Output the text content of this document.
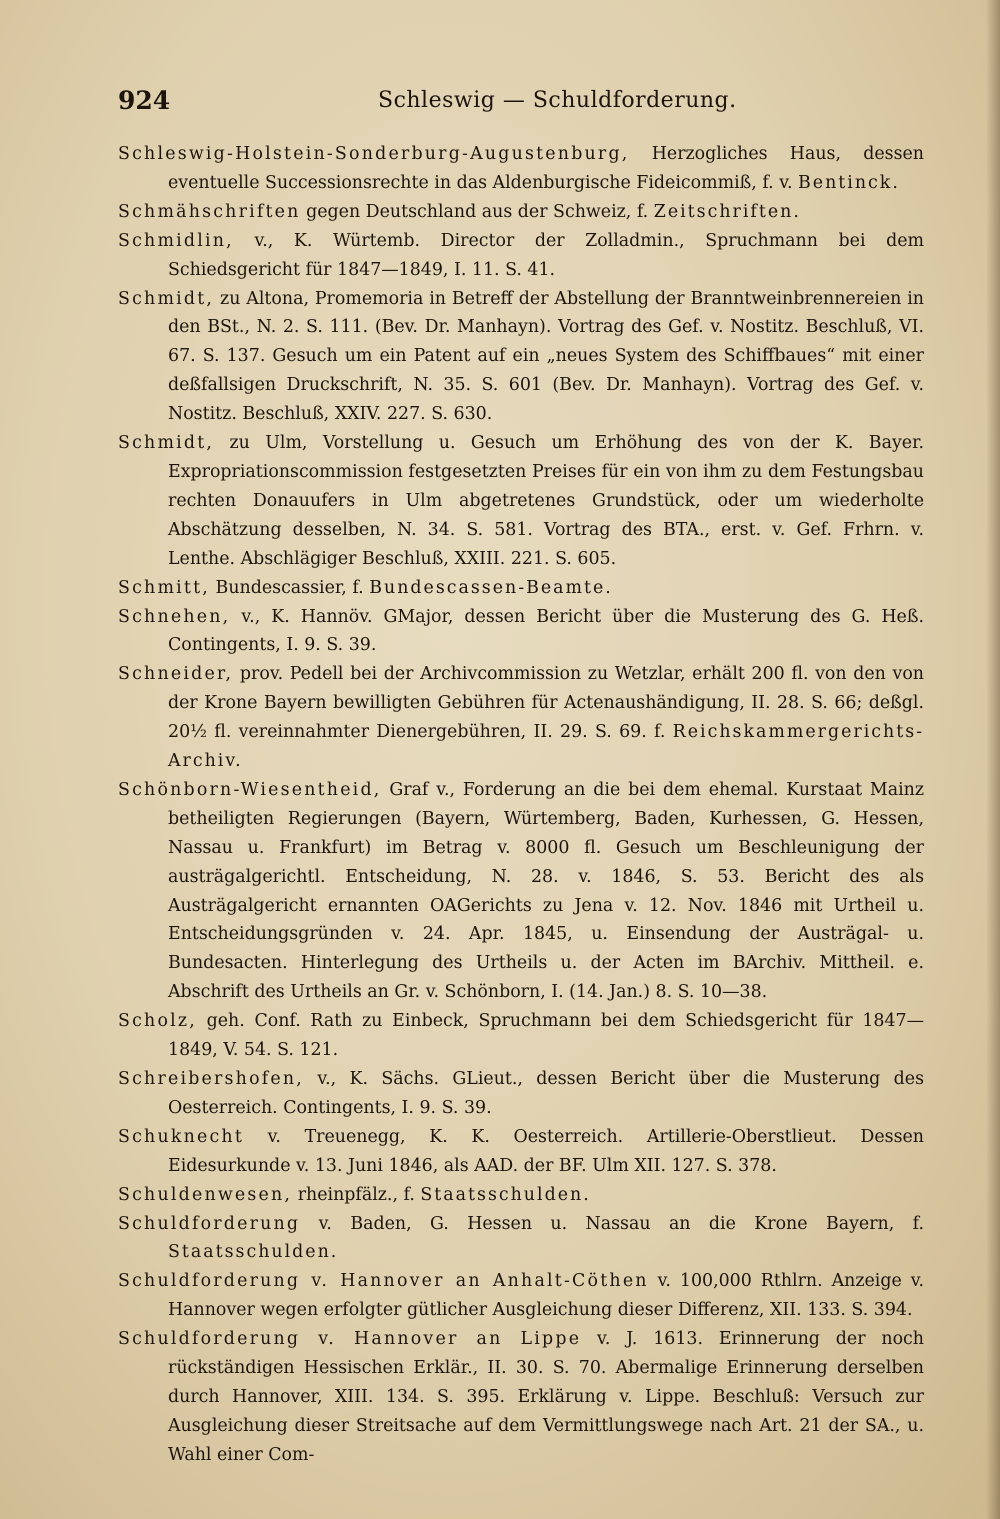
924	Schleswig — Schuldforderung.

Schleswig-Holstein-Sonderburg-Augustenburg, Herzogliches Haus, dessen eventuelle Successionsrechte in das Aldenburgische Fideicommiß, f. v. Bentinck.

Schmähschriften gegen Deutschland aus der Schweiz, f. Zeitschriften.

Schmidlin, v., K. Würtemb. Director der Zolladmin., Spruchmann bei dem Schiedsgericht für 1847—1849, I. 11. S. 41.

Schmidt, zu Altona, Promemoria in Betreff der Abstellung der Branntweinbrennereien in den BSt., N. 2. S. 111. (Bev. Dr. Manhayn). Vortrag des Gef. v. Nostitz. Beschluß, VI. 67. S. 137. Gesuch um ein Patent auf ein „neues System des Schiffbaues“ mit einer deßfallsigen Druckschrift, N. 35. S. 601 (Bev. Dr. Manhayn). Vortrag des Gef. v. Nostitz. Beschluß, XXIV. 227. S. 630.

Schmidt, zu Ulm, Vorstellung u. Gesuch um Erhöhung des von der K. Bayer. Expropriationscommission festgesetzten Preises für ein von ihm zu dem Festungsbau rechten Donauufers in Ulm abgetretenes Grundstück, oder um wiederholte Abschätzung desselben, N. 34. S. 581. Vortrag des BTA., erst. v. Gef. Frhrn. v. Lenthe. Abschlägiger Beschluß, XXIII. 221. S. 605.

Schmitt, Bundescassier, f. Bundescassen-Beamte.

Schnehen, v., K. Hannöv. GMajor, dessen Bericht über die Musterung des G. Heß. Contingents, I. 9. S. 39.

Schneider, prov. Pedell bei der Archivcommission zu Wetzlar, erhält 200 fl. von den von der Krone Bayern bewilligten Gebühren für Actenaushändigung, II. 28. S. 66; deßgl. 20½ fl. vereinnahmter Dienergebühren, II. 29. S. 69. f. Reichskammergerichts-Archiv.

Schönborn-Wiesentheid, Graf v., Forderung an die bei dem ehemal. Kurstaat Mainz betheiligten Regierungen (Bayern, Würtemberg, Baden, Kurhessen, G. Hessen, Nassau u. Frankfurt) im Betrag v. 8000 fl. Gesuch um Beschleunigung der austrägalgerichtl. Entscheidung, N. 28. v. 1846, S. 53. Bericht des als Austrägalgericht ernannten OAGerichts zu Jena v. 12. Nov. 1846 mit Urtheil u. Entscheidungsgründen v. 24. Apr. 1845, u. Einsendung der Austrägal- u. Bundesacten. Hinterlegung des Urtheils u. der Acten im BArchiv. Mittheil. e. Abschrift des Urtheils an Gr. v. Schönborn, I. (14. Jan.) 8. S. 10—38.

Scholz, geh. Conf. Rath zu Einbeck, Spruchmann bei dem Schiedsgericht für 1847—1849, V. 54. S. 121.

Schreibershofen, v., K. Sächs. GLieut., dessen Bericht über die Musterung des Oesterreich. Contingents, I. 9. S. 39.

Schuknecht v. Treuenegg, K. K. Oesterreich. Artillerie-Oberstlieut. Dessen Eidesurkunde v. 13. Juni 1846, als AAD. der BF. Ulm XII. 127. S. 378.

Schuldenwesen, rheinpfälz., f. Staatsschulden.

Schuldforderung v. Baden, G. Hessen u. Nassau an die Krone Bayern, f. Staatsschulden.

Schuldforderung v. Hannover an Anhalt-Cöthen v. 100,000 Rthlrn. Anzeige v. Hannover wegen erfolgter gütlicher Ausgleichung dieser Differenz, XII. 133. S. 394.

Schuldforderung v. Hannover an Lippe v. J. 1613. Erinnerung der noch rückständigen Hessischen Erklär., II. 30. S. 70. Abermalige Erinnerung derselben durch Hannover, XIII. 134. S. 395. Erklärung v. Lippe. Beschluß: Versuch zur Ausgleichung dieser Streitsache auf dem Vermittlungswege nach Art. 21 der SA., u. Wahl einer Com-
